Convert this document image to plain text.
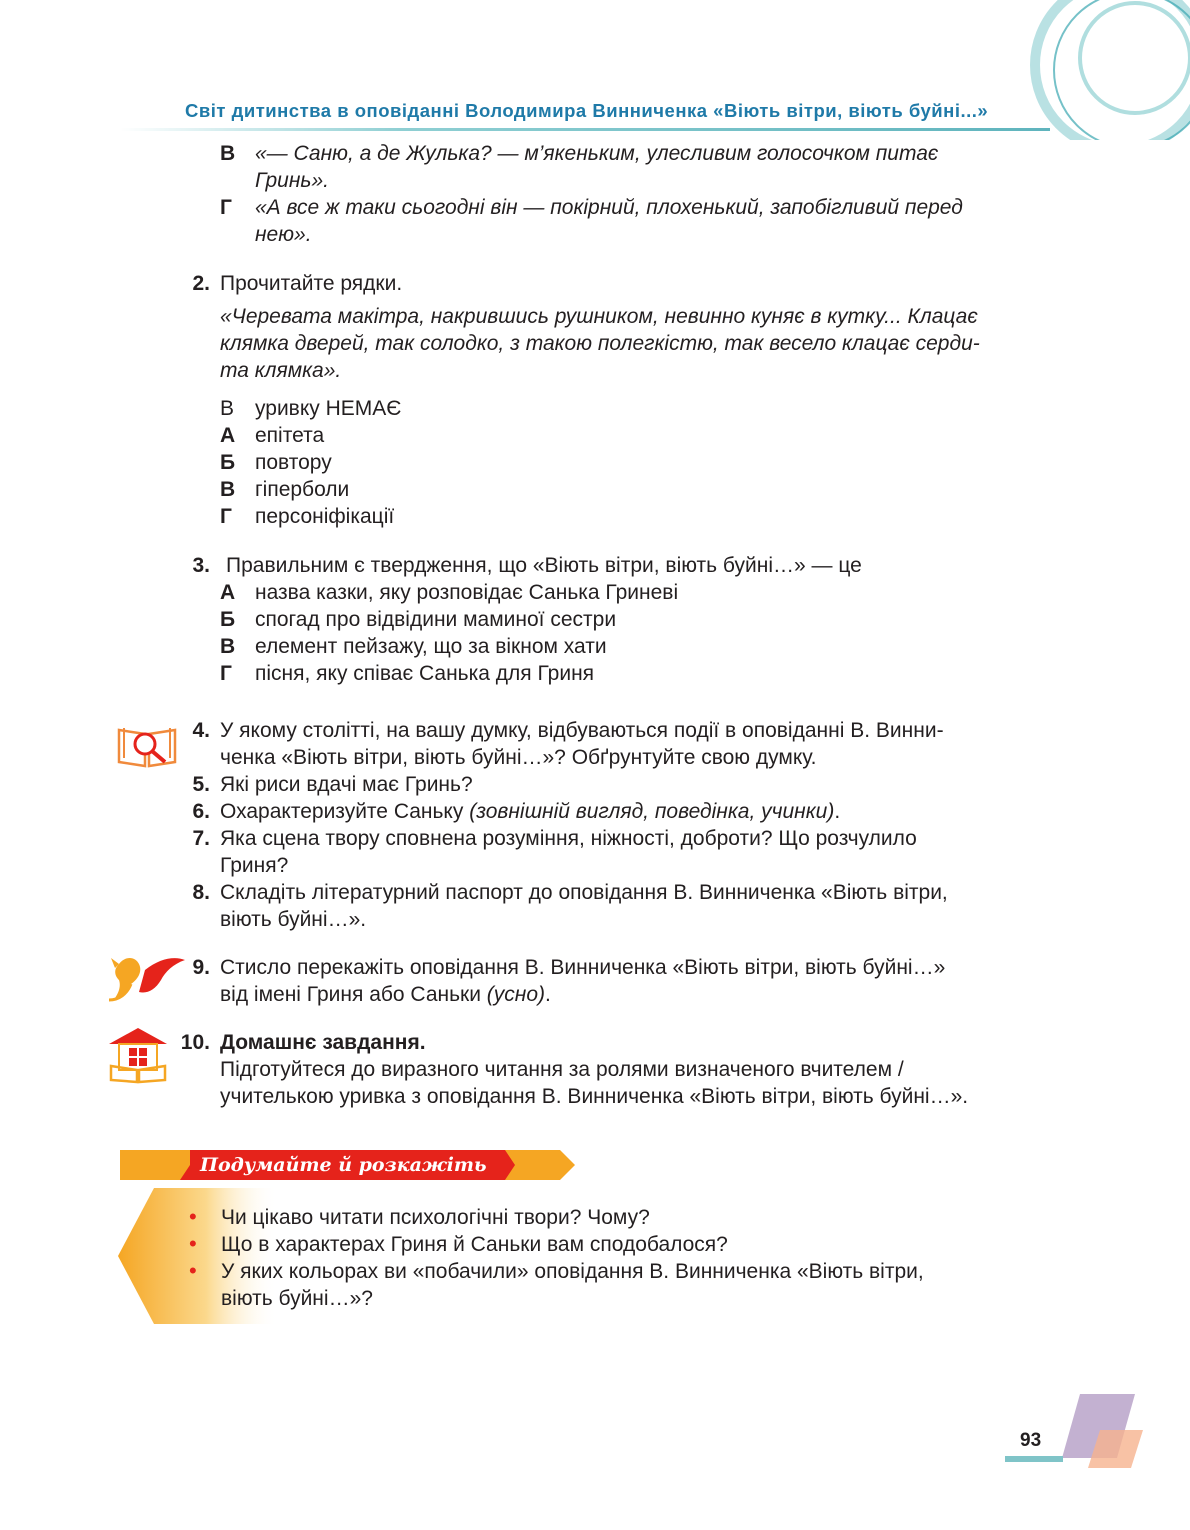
Світ дитинства в оповіданні Володимира Винниченка «Віють вітри, віють буйні...»
В «— Саню, а де Жулька? — м’якеньким, улесливим голосочком питає
Гринь».
Г	«А все ж таки сьогодні він — покірний, плохенький, запобігливий перед
нею».
2. Прочитайте рядки.
«Черевата макітра, накрившись рушником, невинно куняє в кутку... Клацає
клямка дверей, так солодко, з такою полегкістю, так весело клацає серди-
та клямка».
В уривку НЕМАЄ
А епітета
Б повтору
В гіперболи
Г персоніфікації
3. Правильним є твердження, що «Віють вітри, віють буйні…» — це
А назва казки, яку розповідає Санька Гриневі
Б спогад про відвідини маминої сестри
В елемент пейзажу, що за вікном хати
Г пісня, яку співає Санька для Гриня
4. У якому столітті, на вашу думку, відбуваються події в оповіданні В. Винни-
ченка «Віють вітри, віють буйні…»? Обґрунтуйте свою думку.
5. Які риси вдачі має Гринь?
6. Охарактеризуйте Саньку (зовнішній вигляд, поведінка, учинки).
7. Яка сцена твору сповнена розуміння, ніжності, доброти? Що розчулило
Гриня?
8. Складіть літературний паспорт до оповідання В. Винниченка «Віють вітри,
віють буйні…».
9. Стисло перекажіть оповідання В. Винниченка «Віють вітри, віють буйні…»
від імені Гриня або Саньки (усно).
10. Домашнє завдання.
Підготуйтеся до виразного читання за ролями визначеного вчителем /
учителькою уривка з оповідання В. Винниченка «Віють вітри, віють буйні…».
Подумайте й розкажіть
• Чи цікаво читати психологічні твори? Чому?
• Що в характерах Гриня й Саньки вам сподобалося?
• У яких кольорах ви «побачили» оповідання В. Винниченка «Віють вітри,
віють буйні…»?
93
